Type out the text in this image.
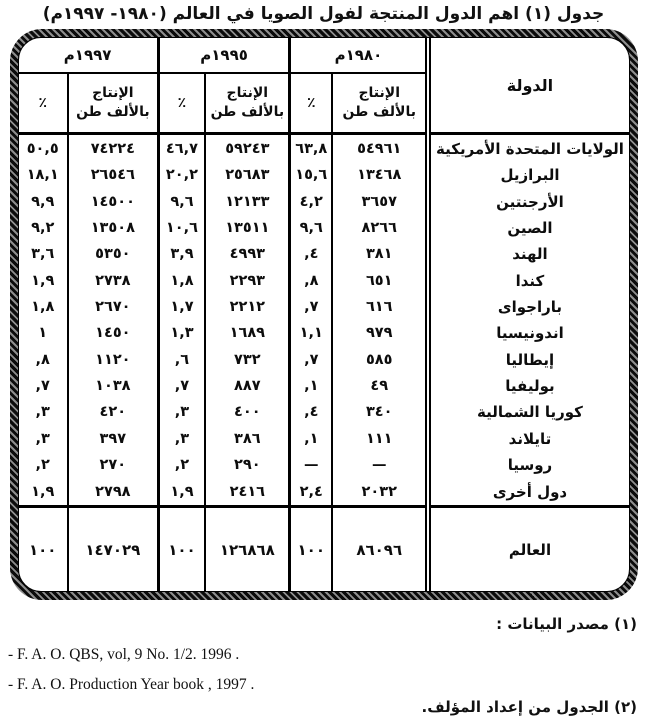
جدول (١) اهم الدول المنتجة لفول الصويا في العالم (١٩٨٠- ١٩٩٧م)
الدولة	١٩٨٠م		١٩٩٥م		١٩٩٧م	
	الإنتاج بالألف طن	٪	الإنتاج بالألف طن	٪	الإنتاج بالألف طن	٪
الولايات المتحدة الأمريكية	٥٤٩٦١	٦٣,٨	٥٩٢٤٣	٤٦,٧	٧٤٢٢٤	٥٠,٥
البرازيل	١٣٤٦٨	١٥,٦	٢٥٦٨٣	٢٠,٢	٢٦٥٤٦	١٨,١
الأرجنتين	٣٦٥٧	٤,٢	١٢١٣٣	٩,٦	١٤٥٠٠	٩,٩
الصين	٨٢٦٦	٩,٦	١٣٥١١	١٠,٦	١٣٥٠٨	٩,٢
الهند	٣٨١	,٤	٤٩٩٣	٣,٩	٥٣٥٠	٣,٦
كندا	٦٥١	,٨	٢٢٩٣	١,٨	٢٧٣٨	١,٩
باراجواى	٦١٦	,٧	٢٢١٢	١,٧	٢٦٧٠	١,٨
اندونيسيا	٩٧٩	١,١	١٦٨٩	١,٣	١٤٥٠	١
إيطاليا	٥٨٥	,٧	٧٣٢	,٦	١١٢٠	,٨
بوليفيا	٤٩	,١	٨٨٧	,٧	١٠٣٨	,٧
كوريا الشمالية	٣٤٠	,٤	٤٠٠	,٣	٤٢٠	,٣
تايلاند	١١١	,١	٣٨٦	,٣	٣٩٧	,٣
روسيا	—	—	٢٩٠	,٢	٢٧٠	,٢
دول أخرى	٢٠٣٢	٢,٤	٢٤١٦	١,٩	٢٧٩٨	١,٩
العالم	٨٦٠٩٦	١٠٠	١٢٦٨٦٨	١٠٠	١٤٧٠٢٩	١٠٠
(١) مصدر البيانات :
- F. A. O. QBS, vol, 9 No. 1/2. 1996 .
- F. A. O. Production Year book , 1997 .
(٢) الجدول من إعداد المؤلف.
